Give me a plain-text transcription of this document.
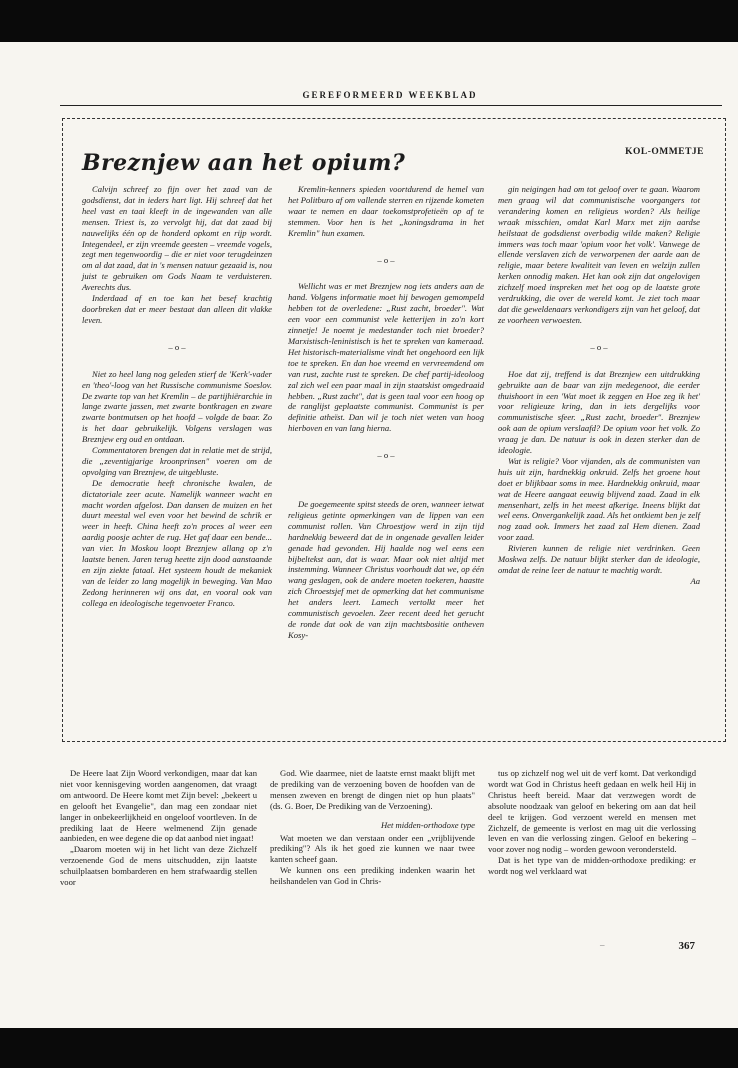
GEREFORMEERD WEEKBLAD
KOL-OMMETJE
Breznjew aan het opium?

Calvijn schreef zo fijn over het zaad van de godsdienst, dat in ieders hart ligt. Hij schreef dat het heel vast en taai kleeft in de ingewanden van alle mensen. Triest is, zo vervolgt hij, dat dat zaad bij nauwelijks één op de honderd opkomt en rijp wordt. Integendeel, er zijn vreemde geesten – vreemde vogels, zegt men tegenwoordig – die er niet voor terugdeinzen om al dat zaad, dat in 's mensen natuur gezaaid is, nou juist te gebruiken om Gods Naam te verduisteren. Averechts dus.

Inderdaad af en toe kan het besef krachtig doorbreken dat er meer bestaat dan alleen dit vlakke leven.

– o –

Niet zo heel lang nog geleden stierf de 'Kerk'-vader en 'theo'-loog van het Russische communisme Soeslov. De zwarte top van het Kremlin – de partijhiërarchie in lange zwarte jassen, met zwarte bontkragen en zware zwarte bontmutsen op het hoofd – volgde de baar. Zo is het daar gebruikelijk. Volgens verslagen was Breznjew erg oud en ontdaan.

Commentatoren brengen dat in relatie met de strijd, die „zeventigjarige kroonprinsen" voeren om de opvolging van Breznjew, de uitgebluste.

De democratie heeft chronische kwalen, de dictatoriale zeer acute. Namelijk wanneer wacht en macht worden afgelost. Dan dansen de muizen en het duurt meestal wel even voor het bewind de schrik er weer in heeft. China heeft zo'n proces al weer een aardig poosje achter de rug. Het gaf daar een bende... van vier. In Moskou loopt Breznjew allang op z'n laatste benen. Jaren terug heette zijn dood aanstaande en zijn ziekte fataal. Het systeem houdt de mekaniek van de leider zo lang mogelijk in beweging. Van Mao Zedong herinneren wij ons dat, en vooral ook van collega en ideologische tegenvoeter Franco.

Kremlin-kenners spieden voortdurend de hemel van het Politburo af om vallende sterren en rijzende kometen waar te nemen en daar toekomstprofetieën op af te stemmen. Voor hen is het „koningsdrama in het Kremlin" hun examen.

– o –

Wellicht was er met Breznjew nog iets anders aan de hand. Volgens informatie moet hij bewogen gemompeld hebben tot de overledene: „Rust zacht, broeder". Wat een voor een communist vele ketterijen in zo'n kort zinnetje! Je noemt je medestander toch niet broeder? Marxistisch-leninistisch is het te spreken van kameraad. Het historisch-materialisme vindt het ongehoord een lijk toe te spreken. En dan hoe vreemd en vervreemdend om van rust, zachte rust te spreken. De chef partij-ideoloog zal zich wel een paar maal in zijn staatskist omgedraaid hebben. „Rust zacht", dat is geen taal voor een hoog op de ranglijst geplaatste communist. Communist is per definitie atheïst. Dan wil je toch niet weten van hoog hierboven en van lang hierna.

– o –

De goegemeente spitst steeds de oren, wanneer ietwat religieus getinte opmerkingen van de lippen van een communist rollen. Van Chroestjow werd in zijn tijd hardnekkig beweerd dat de in ongenade gevallen leider genade had gevonden. Hij haalde nog wel eens een bijbeltekst aan, dat is waar. Maar ook niet altijd met instemming. Wanneer Christus voorhoudt dat we, op één wang geslagen, ook de andere moeten toekeren, haastte zich Chroestsjef met de opmerking dat het communisme het anders leert. Lamech vertolkt meer het communistisch gevoelen. Zeer recent deed het gerucht de ronde dat ook de van zijn machtsbositie ontheven Kosy-

gin neigingen had om tot geloof over te gaan. Waarom men graag wil dat communistische voorgangers tot verandering komen en religieus worden? Als heilige wraak misschien, omdat Karl Marx met zijn aardse heilstaat de godsdienst overbodig wilde maken? Religie immers was toch maar 'opium voor het volk'. Vanwege de ellende verslaven zich de verworpenen der aarde aan de religie, maar betere kwaliteit van leven en welzijn zullen kerken onnodig maken. Het kan ook zijn dat ongelovigen zichzelf moed inspreken met het oog op de laatste grote verdrukking, die over de wereld komt. Je ziet toch maar dat die geweldenaars verkondigers zijn van het geloof, dat ze voorheen verwoesten.

– o –

Hoe dat zij, treffend is dat Breznjew een uitdrukking gebruikte aan de baar van zijn medegenoot, die eerder thuishoort in een 'Wat moet ik zeggen en Hoe zeg ik het' voor religieuze kring, dan in iets dergelijks voor communistische sfeer. „Rust zacht, broeder". Breznjew ook aan de opium verslaafd? De opium voor het volk. Zo vraag je dan. De natuur is ook in dezen sterker dan de ideologie.

Wat is religie? Voor vijanden, als de communisten van huis uit zijn, hardnekkig onkruid. Zelfs het groene hout doet er blijkbaar soms in mee. Hardnekkig onkruid, maar wat de Heere aangaat eeuwig blijvend zaad. Zaad in elk mensenhart, zelfs in het meest afkerige. Ineens blijkt dat wel eens. Onvergankelijk zaad. Als het ontkiemt ben je zelf nog zaad ook. Immers het zaad zal Hem dienen. Zaad voor zaad.

Rivieren kunnen de religie niet verdrinken. Geen Moskwa zelfs. De natuur blijkt sterker dan de ideologie, omdat de reine leer de natuur te machtig wordt.

Aa

De Heere laat Zijn Woord verkondigen, maar dat kan niet voor kennisgeving worden aangenomen, dat vraagt om antwoord. De Heere komt met Zijn bevel: „bekeert u en gelooft het Evangelie", dan mag een zondaar niet langer in onbekeerlijkheid en ongeloof voortleven. In de prediking laat de Heere welmenend Zijn genade aanbieden, en wee degene die op dat aanbod niet ingaat!

„Daarom moeten wij in het licht van deze Zichzelf verzoenende God de mens uitschudden, zijn laatste schuilplaatsen bombarderen en hem strafwaardig stellen voor

God. Wie daarmee, niet de laatste ernst maakt blijft met de prediking van de verzoening boven de hoofden van de mensen zweven en brengt de dingen niet op hun plaats" (ds. G. Boer, De Prediking van de Verzoening).

Het midden-orthodoxe type

Wat moeten we dan verstaan onder een „vrijblijvende prediking"? Als ik het goed zie kunnen we naar twee kanten scheef gaan.

We kunnen ons een prediking indenken waarin het heilshandelen van God in Chris-

tus op zichzelf nog wel uit de verf komt. Dat verkondigd wordt wat God in Christus heeft gedaan en welk heil Hij in Christus heeft bereid. Maar dat verzwegen wordt de absolute noodzaak van geloof en bekering om aan dat heil deel te krijgen. God verzoent wereld en mensen met Zichzelf, de gemeente is verlost en mag uit die verlossing leven en van die verlossing zingen. Geloof en bekering – voor zover nog nodig – worden gewoon verondersteld.

Dat is het type van de midden-orthodoxe prediking: er wordt nog wel verklaard wat

–	367
